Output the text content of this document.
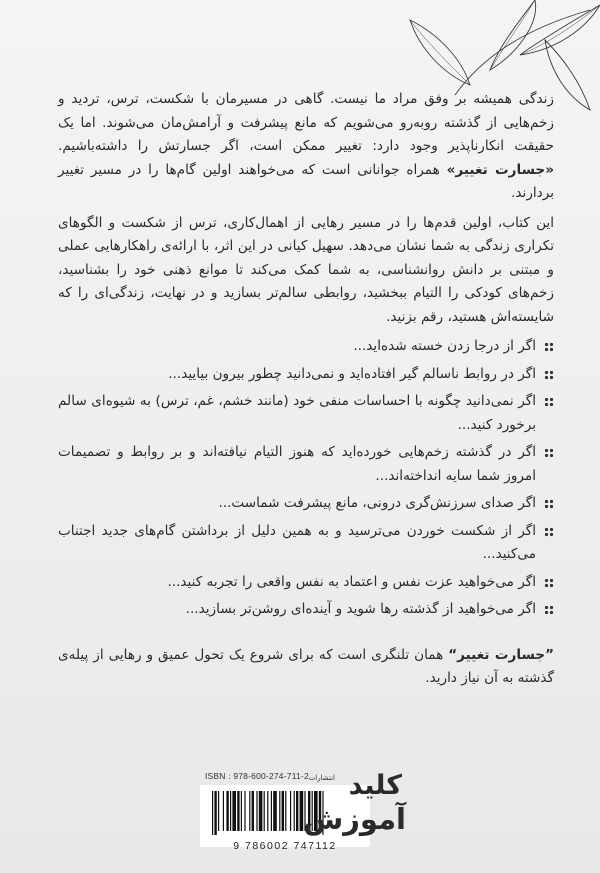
زندگی همیشه بر وفق مراد ما نیست. گاهی در مسیرمان با شکست، ترس، تردید و زخم‌هایی از گذشته روبه‌رو می‌شویم که مانع پیشرفت و آرامش‌مان می‌شوند. اما یک حقیقت انکارناپذیر وجود دارد: تغییر ممکن است، اگر جسارتش را داشته‌باشیم. «جسارت تغییر» همراه جوانانی است که می‌خواهند اولین گام‌ها را در مسیر تغییر بردارند.

این کتاب، اولین قدم‌ها را در مسیر رهایی از اهمال‌کاری، ترس از شکست و الگوهای تکراری زندگی به شما نشان می‌دهد. سهیل کیانی در این اثر، با ارائه‌ی راهکارهایی عملی و مبتنی بر دانش روانشناسی، به شما کمک می‌کند تا موانع ذهنی خود را بشناسید، زخم‌های کودکی را التیام ببخشید، روابطی سالم‌تر بسازید و در نهایت، زندگی‌ای را که شایسته‌اش هستید، رقم بزنید.

اگر از درجا زدن خسته شده‌اید...
اگر در روابط ناسالم گیر افتاده‌اید و نمی‌دانید چطور بیرون بیایید...
اگر نمی‌دانید چگونه با احساسات منفی خود (مانند خشم، غم، ترس) به شیوه‌ای سالم برخورد کنید...
اگر در گذشته زخم‌هایی خورده‌اید که هنوز التیام نیافته‌اند و بر روابط و تصمیمات امروز شما سایه انداخته‌اند...
اگر صدای سرزنش‌گری درونی، مانع پیشرفت شماست...
اگر از شکست خوردن می‌ترسید و به همین دلیل از برداشتن گام‌های جدید اجتناب می‌کنید...
اگر می‌خواهید عزت نفس و اعتماد به نفس واقعی را تجربه کنید...
اگر می‌خواهید از گذشته رها شوید و آینده‌ای روشن‌تر بسازید...

”جسارت تغییر“ همان تلنگری است که برای شروع یک تحول عمیق و رهایی از پیله‌ی گذشته به آن نیاز دارید.

ISBN : 978-600-274-711-2
9 786002 747112
انتشارات کلید
آموزش
